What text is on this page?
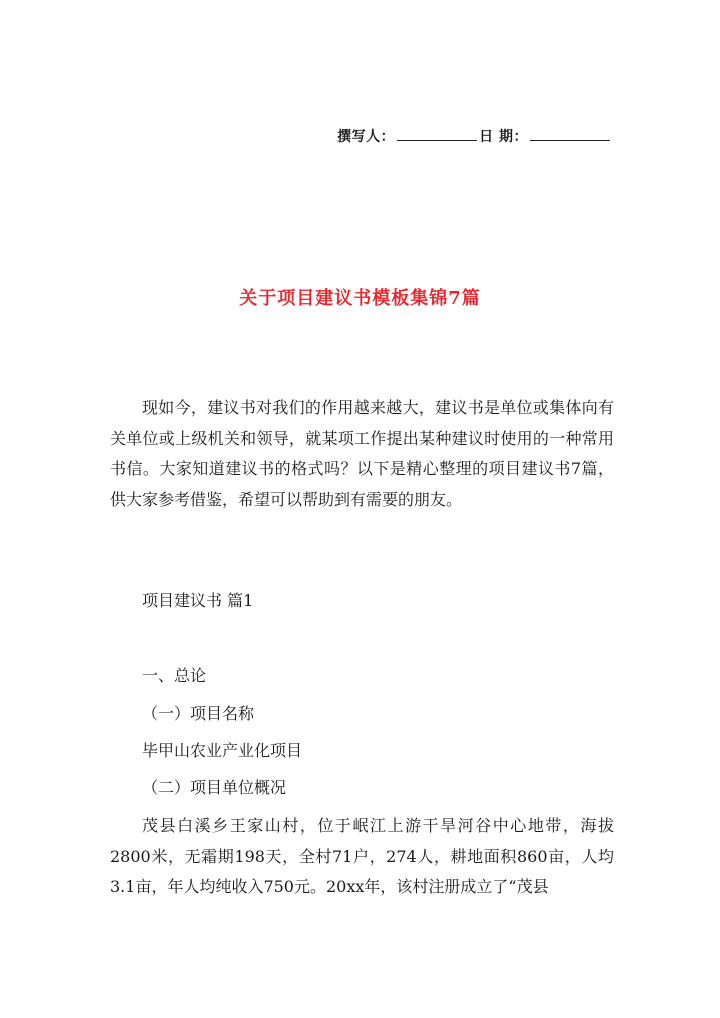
撰写人：	日 期：
关于项目建议书模板集锦7篇
现如今，建议书对我们的作用越来越大，建议书是单位或集体向有关单位或上级机关和领导，就某项工作提出某种建议时使用的一种常用书信。大家知道建议书的格式吗？以下是精心整理的项目建议书7篇，供大家参考借鉴，希望可以帮助到有需要的朋友。
项目建议书 篇1
一、总论
（一）项目名称
毕甲山农业产业化项目
（二）项目单位概况
茂县白溪乡王家山村，位于岷江上游干旱河谷中心地带，海拔2800米，无霜期198天，全村71户，274人，耕地面积860亩，人均3.1亩，年人均纯收入750元。20xx年，该村注册成立了“茂县
